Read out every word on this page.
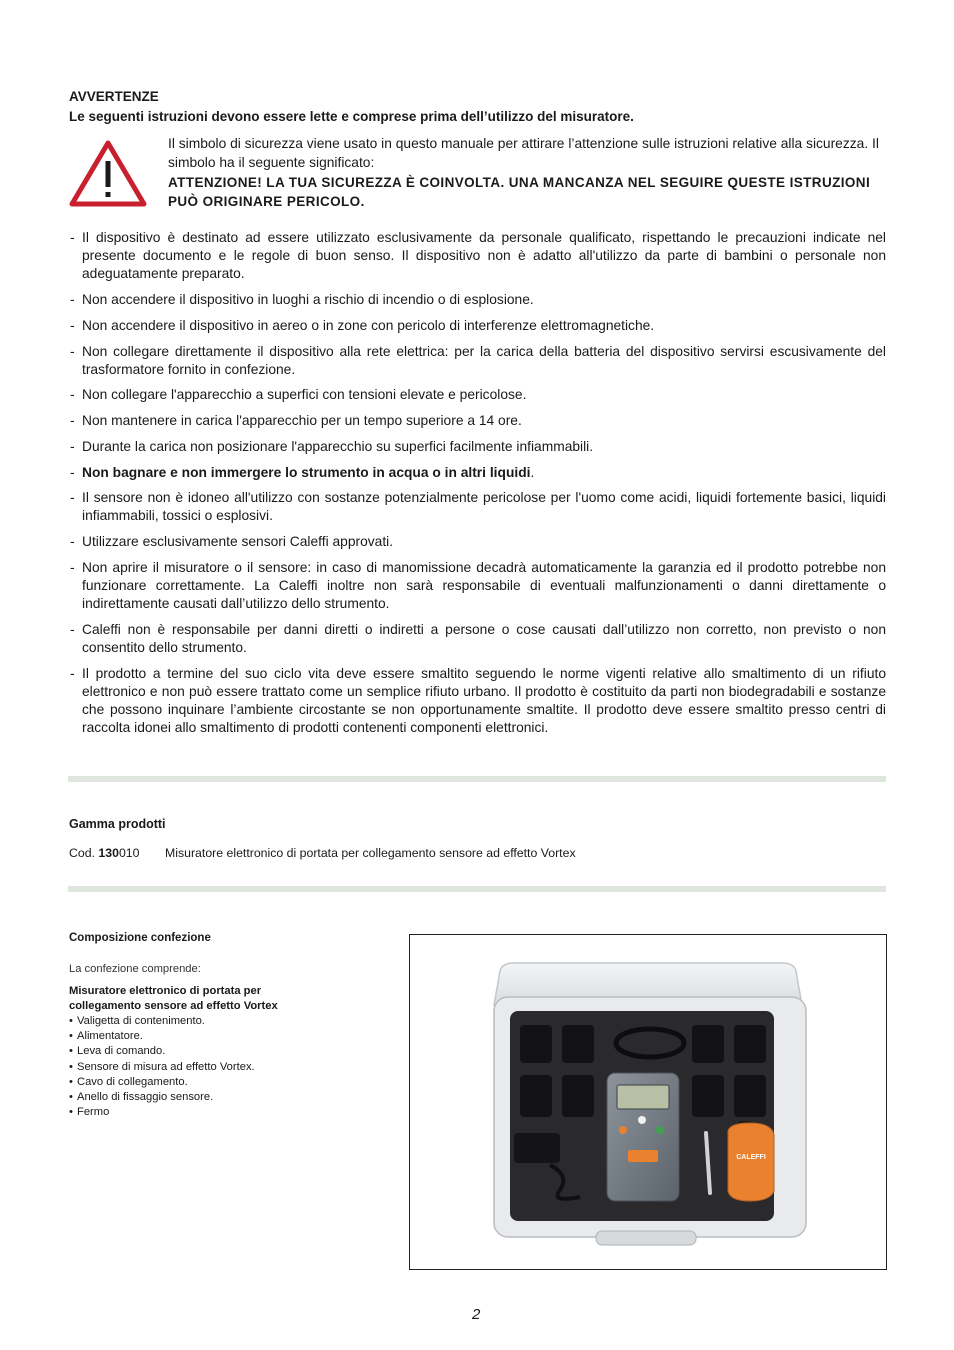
AVVERTENZE
Le seguenti istruzioni devono essere lette e comprese prima dell’utilizzo del misuratore.
Il simbolo di sicurezza viene usato in questo manuale per attirare l’attenzione sulle istruzioni relative alla sicurezza. Il simbolo ha il seguente significato:
ATTENZIONE! LA TUA SICUREZZA È COINVOLTA. UNA MANCANZA NEL SEGUIRE QUESTE ISTRUZIONI PUÒ ORIGINARE PERICOLO.
- Il dispositivo è destinato ad essere utilizzato esclusivamente da personale qualificato, rispettando le precauzioni indicate nel presente documento e le regole di buon senso. Il dispositivo non è adatto all'utilizzo da parte di bambini o personale non adeguatamente preparato.
- Non accendere il dispositivo in luoghi a rischio di incendio o di esplosione.
- Non accendere il dispositivo in aereo o in zone con pericolo di interferenze elettromagnetiche.
- Non collegare direttamente il dispositivo alla rete elettrica: per la carica della batteria del dispositivo servirsi escusivamente del trasformatore fornito in confezione.
- Non collegare l'apparecchio a superfici con tensioni elevate e pericolose.
- Non mantenere in carica l'apparecchio per un tempo superiore a 14 ore.
- Durante la carica non posizionare l'apparecchio su superfici facilmente infiammabili.
- Non bagnare e non immergere lo strumento in acqua o in altri liquidi.
- Il sensore non è idoneo all'utilizzo con sostanze potenzialmente pericolose per l'uomo come acidi, liquidi fortemente basici, liquidi infiammabili, tossici o esplosivi.
- Utilizzare esclusivamente sensori Caleffi approvati.
- Non aprire il misuratore o il sensore: in caso di manomissione decadrà automaticamente la garanzia ed il prodotto potrebbe non funzionare correttamente. La Caleffi inoltre non sarà responsabile di eventuali malfunzionamenti o danni direttamente o indirettamente causati dall’utilizzo dello strumento.
- Caleffi non è responsabile per danni diretti o indiretti a persone o cose causati dall’utilizzo non corretto, non previsto o non consentito dello strumento.
- Il prodotto a termine del suo ciclo vita deve essere smaltito seguendo le norme vigenti relative allo smaltimento di un rifiuto elettronico e non può essere trattato come un semplice rifiuto urbano. Il prodotto è costituito da parti non biodegradabili e sostanze che possono inquinare l’ambiente circostante se non opportunamente smaltite. Il prodotto deve essere smaltito presso centri di raccolta idonei allo smaltimento di prodotti contenenti componenti elettronici.
Gamma prodotti
Cod. 130010 Misuratore elettronico di portata per collegamento sensore ad effetto Vortex
Composizione confezione
La confezione comprende:
Misuratore elettronico di portata per collegamento sensore ad effetto Vortex
• Valigetta di contenimento.
• Alimentatore.
• Leva di comando.
• Sensore di misura ad effetto Vortex.
• Cavo di collegamento.
• Anello di fissaggio sensore.
• Fermo
CALEFFI
2
